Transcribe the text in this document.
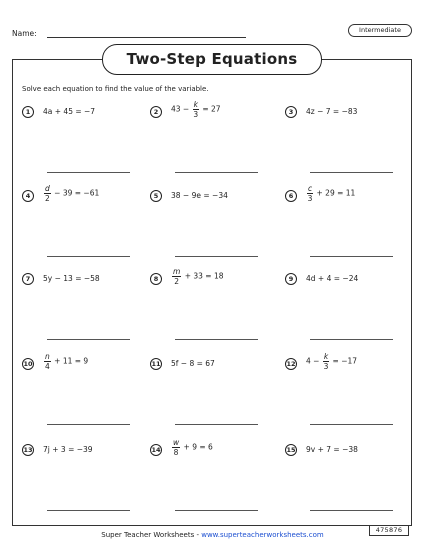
Name:	Intermediate
Two-Step Equations
Solve each equation to find the value of the variable.
1	4a + 45 = −7	2	$43 - \frac{k}{3} = 27$	3	4z − 7 = −83
4	$\frac{d}{2} - 39 = -61$	5	38 − 9e = −34	6	$\frac{c}{3} + 29 = 11$
7	5y − 13 = −58	8	$\frac{m}{2} + 33 = 18$	9	4d + 4 = −24
$10 \frac{n}{4} + 11 = 9$	11 5f − 8 = 67	12 $4 - \frac{k}{3} = -17$
13 7j + 3 = −39	$14 \frac{w}{8} + 9 = 6$	15 9v + 7 = −38
Super Teacher Worksheets - www.superteacherworksheets.com
475876
